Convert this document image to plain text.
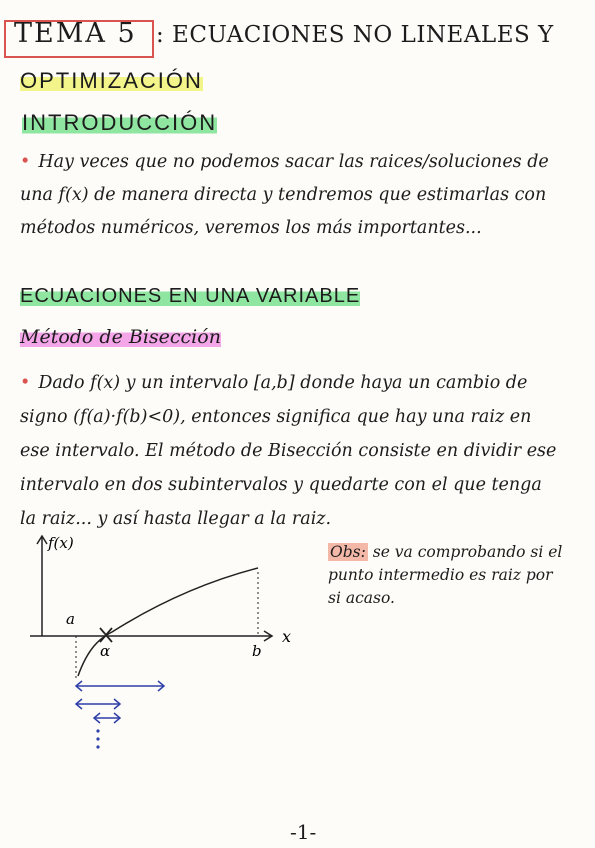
TEMA 5 : ECUACIONES NO LINEALES Y
OPTIMIZACIÓN
INTRODUCCIÓN
• Hay veces que no podemos sacar las raices/soluciones de una f(x) de manera directa y tendremos que estimarlas con métodos numéricos, veremos los más importantes...
ECUACIONES EN UNA VARIABLE
Método de Bisección
• Dado f(x) y un intervalo [a,b] donde haya un cambio de signo (f(a)·f(b)<0), entonces significa que hay una raiz en ese intervalo. El método de Bisección consiste en dividir ese intervalo en dos subintervalos y quedarte con el que tenga la raiz... y así hasta llegar a la raiz.
f(x)
x
a
α	b
Obs: se va comprobando si el punto intermedio es raiz por si acaso.
-1-
